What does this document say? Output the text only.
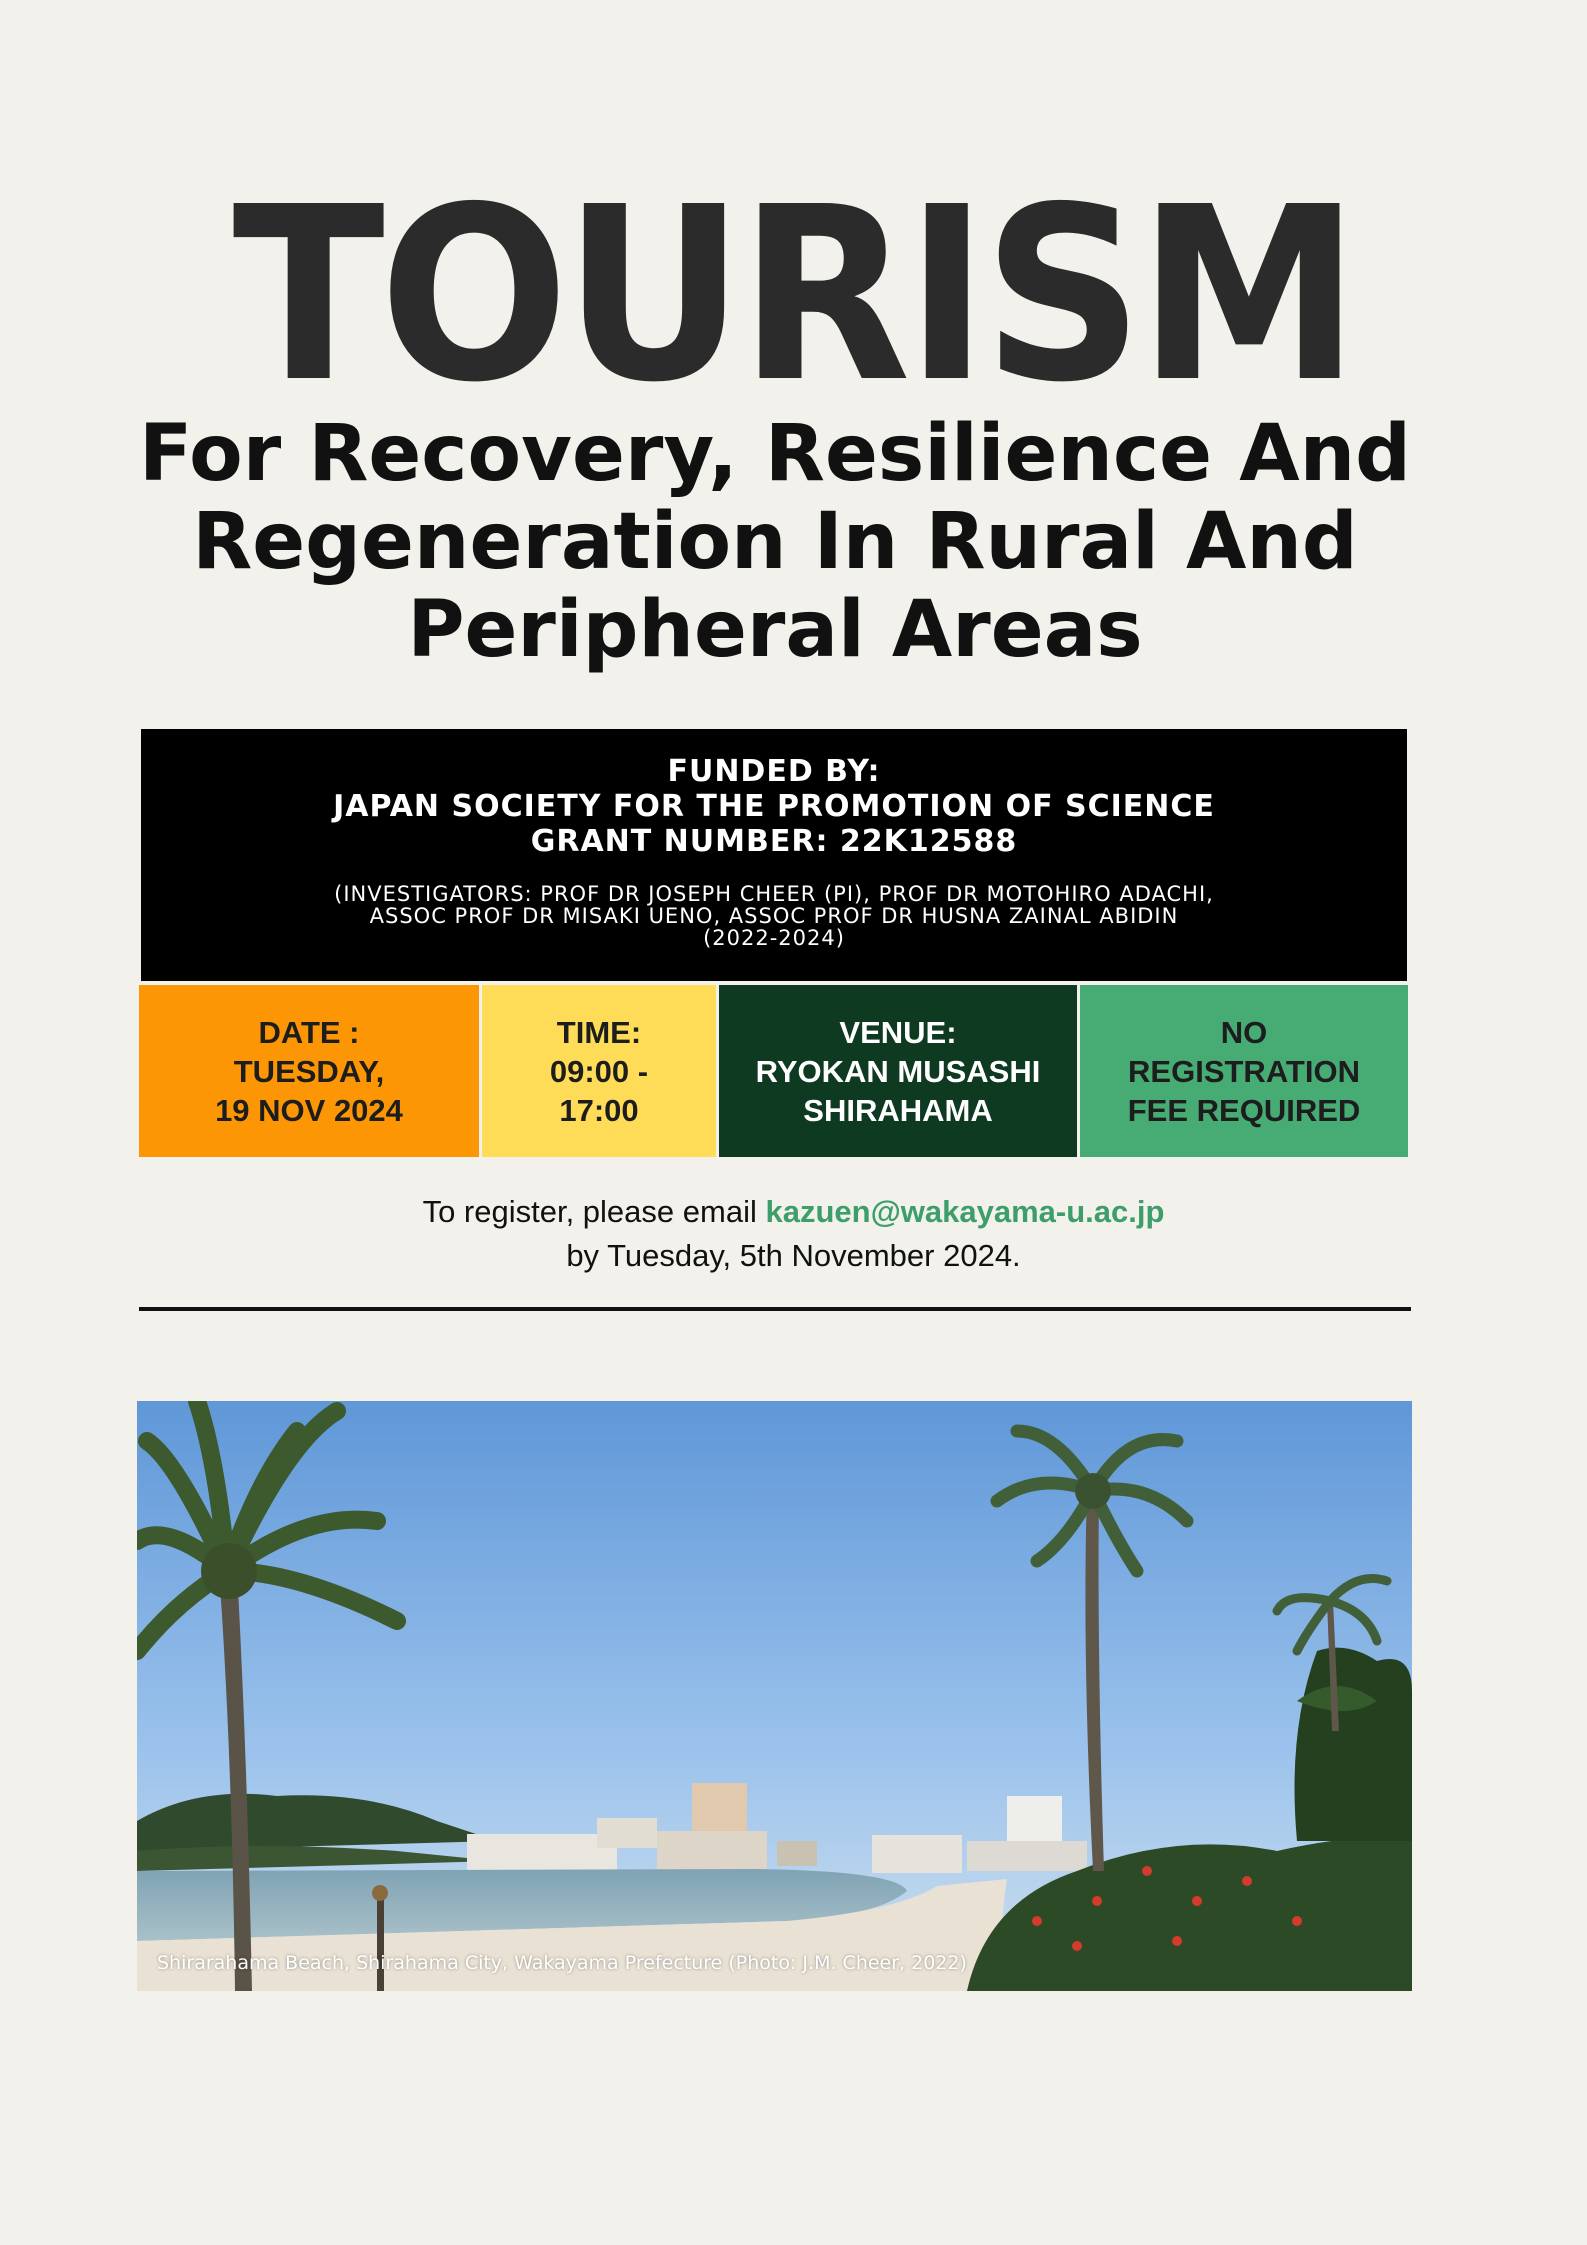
TOURISM
For Recovery, Resilience And Regeneration In Rural And Peripheral Areas
FUNDED BY:
JAPAN SOCIETY FOR THE PROMOTION OF SCIENCE
GRANT NUMBER: 22K12588
(INVESTIGATORS: PROF DR JOSEPH CHEER (PI), PROF DR MOTOHIRO ADACHI,
ASSOC PROF DR MISAKI UENO, ASSOC PROF DR HUSNA ZAINAL ABIDIN
(2022-2024)
DATE :
TUESDAY,
19 NOV 2024
TIME:
09:00 -
17:00
VENUE:
RYOKAN MUSASHI
SHIRAHAMA
NO
REGISTRATION
FEE REQUIRED
To register, please email kazuen@wakayama-u.ac.jp
by Tuesday, 5th November 2024.

Shirarahama Beach, Shirahama City, Wakayama Prefecture (Photo: J.M. Cheer, 2022)
